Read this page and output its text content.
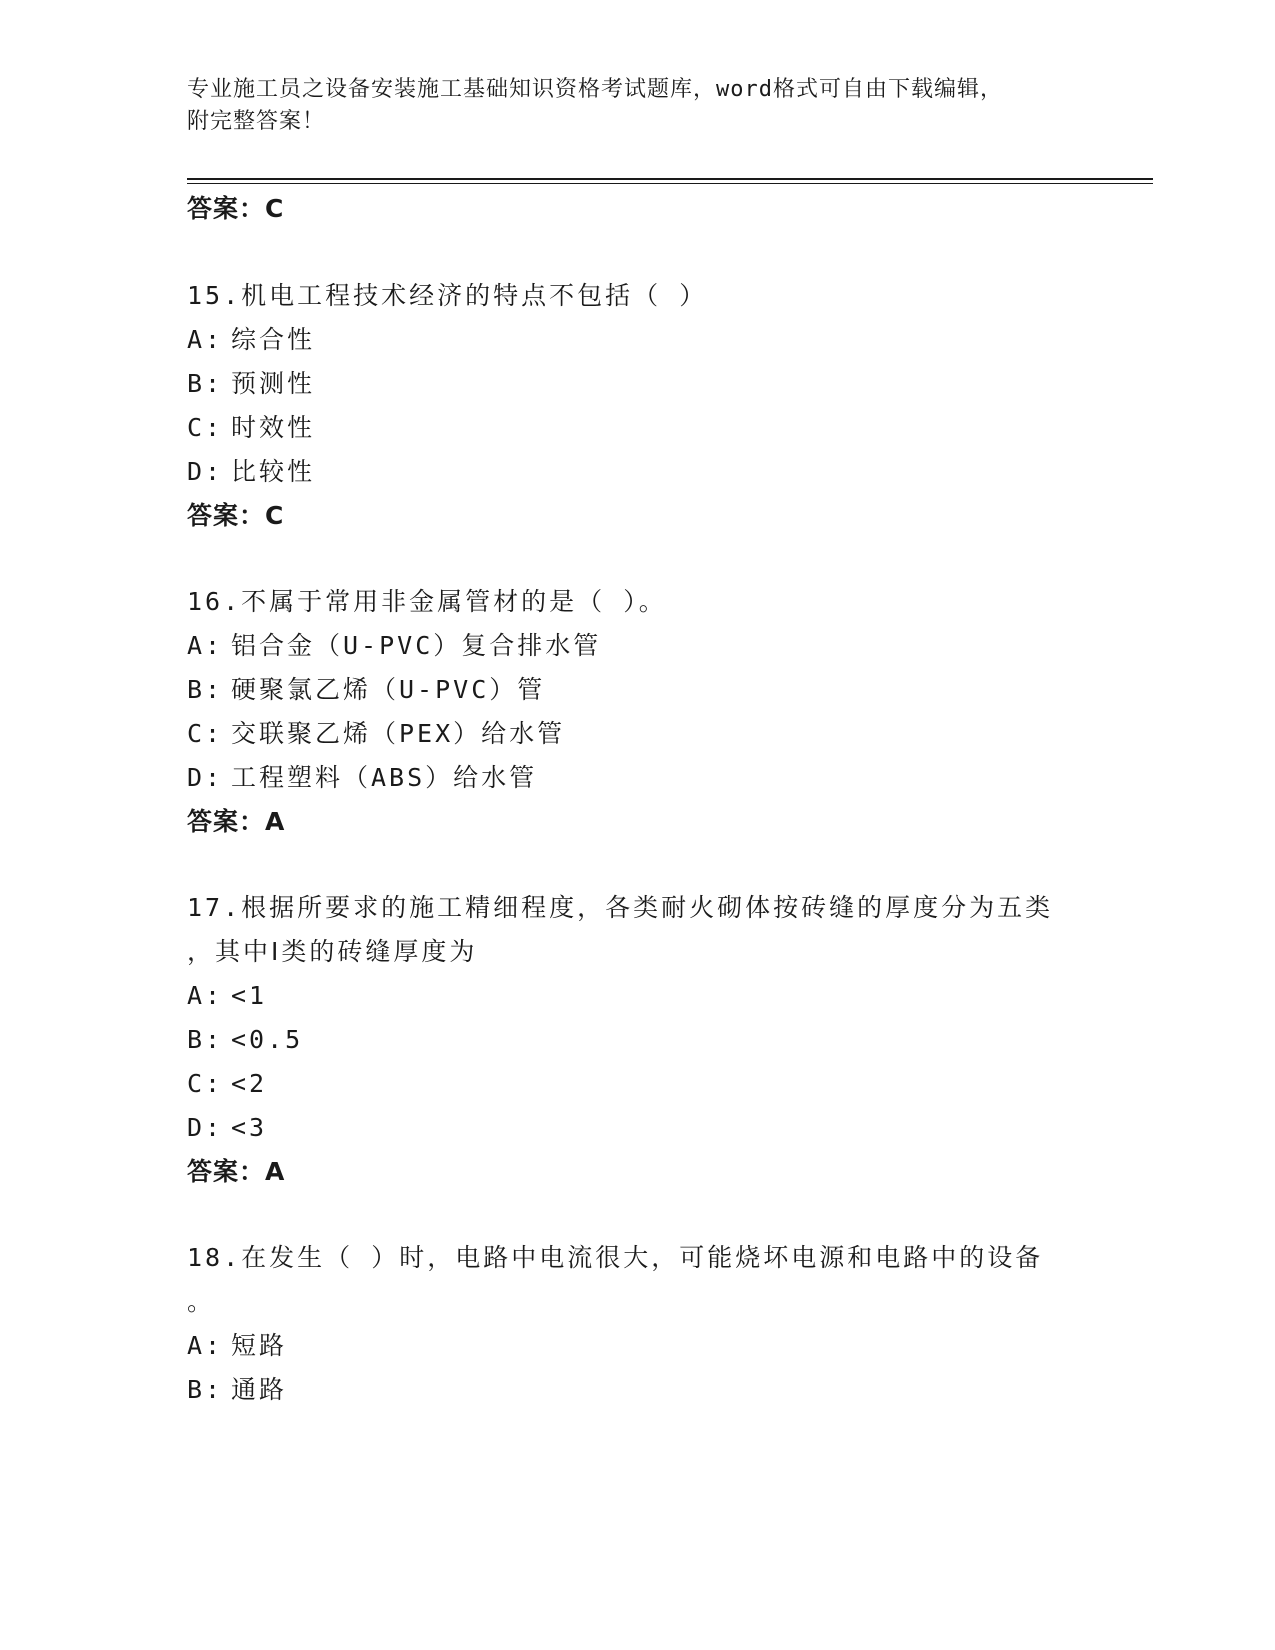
专业施工员之设备安装施工基础知识资格考试题库，word格式可自由下载编辑，
附完整答案！
答案：C
15.机电工程技术经济的特点不包括（ ）
A: 综合性
B: 预测性
C: 时效性
D: 比较性
答案：C
16.不属于常用非金属管材的是（ ）。
A: 铝合金（U-PVC）复合排水管
B: 硬聚氯乙烯（U-PVC）管
C: 交联聚乙烯（PEX）给水管
D: 工程塑料（ABS）给水管
答案：A
17.根据所要求的施工精细程度，各类耐火砌体按砖缝的厚度分为五类
，其中Ⅰ类的砖缝厚度为
A: <1
B: <0.5
C: <2
D: <3
答案：A
18.在发生（ ）时，电路中电流很大，可能烧坏电源和电路中的设备
。
A: 短路
B: 通路
